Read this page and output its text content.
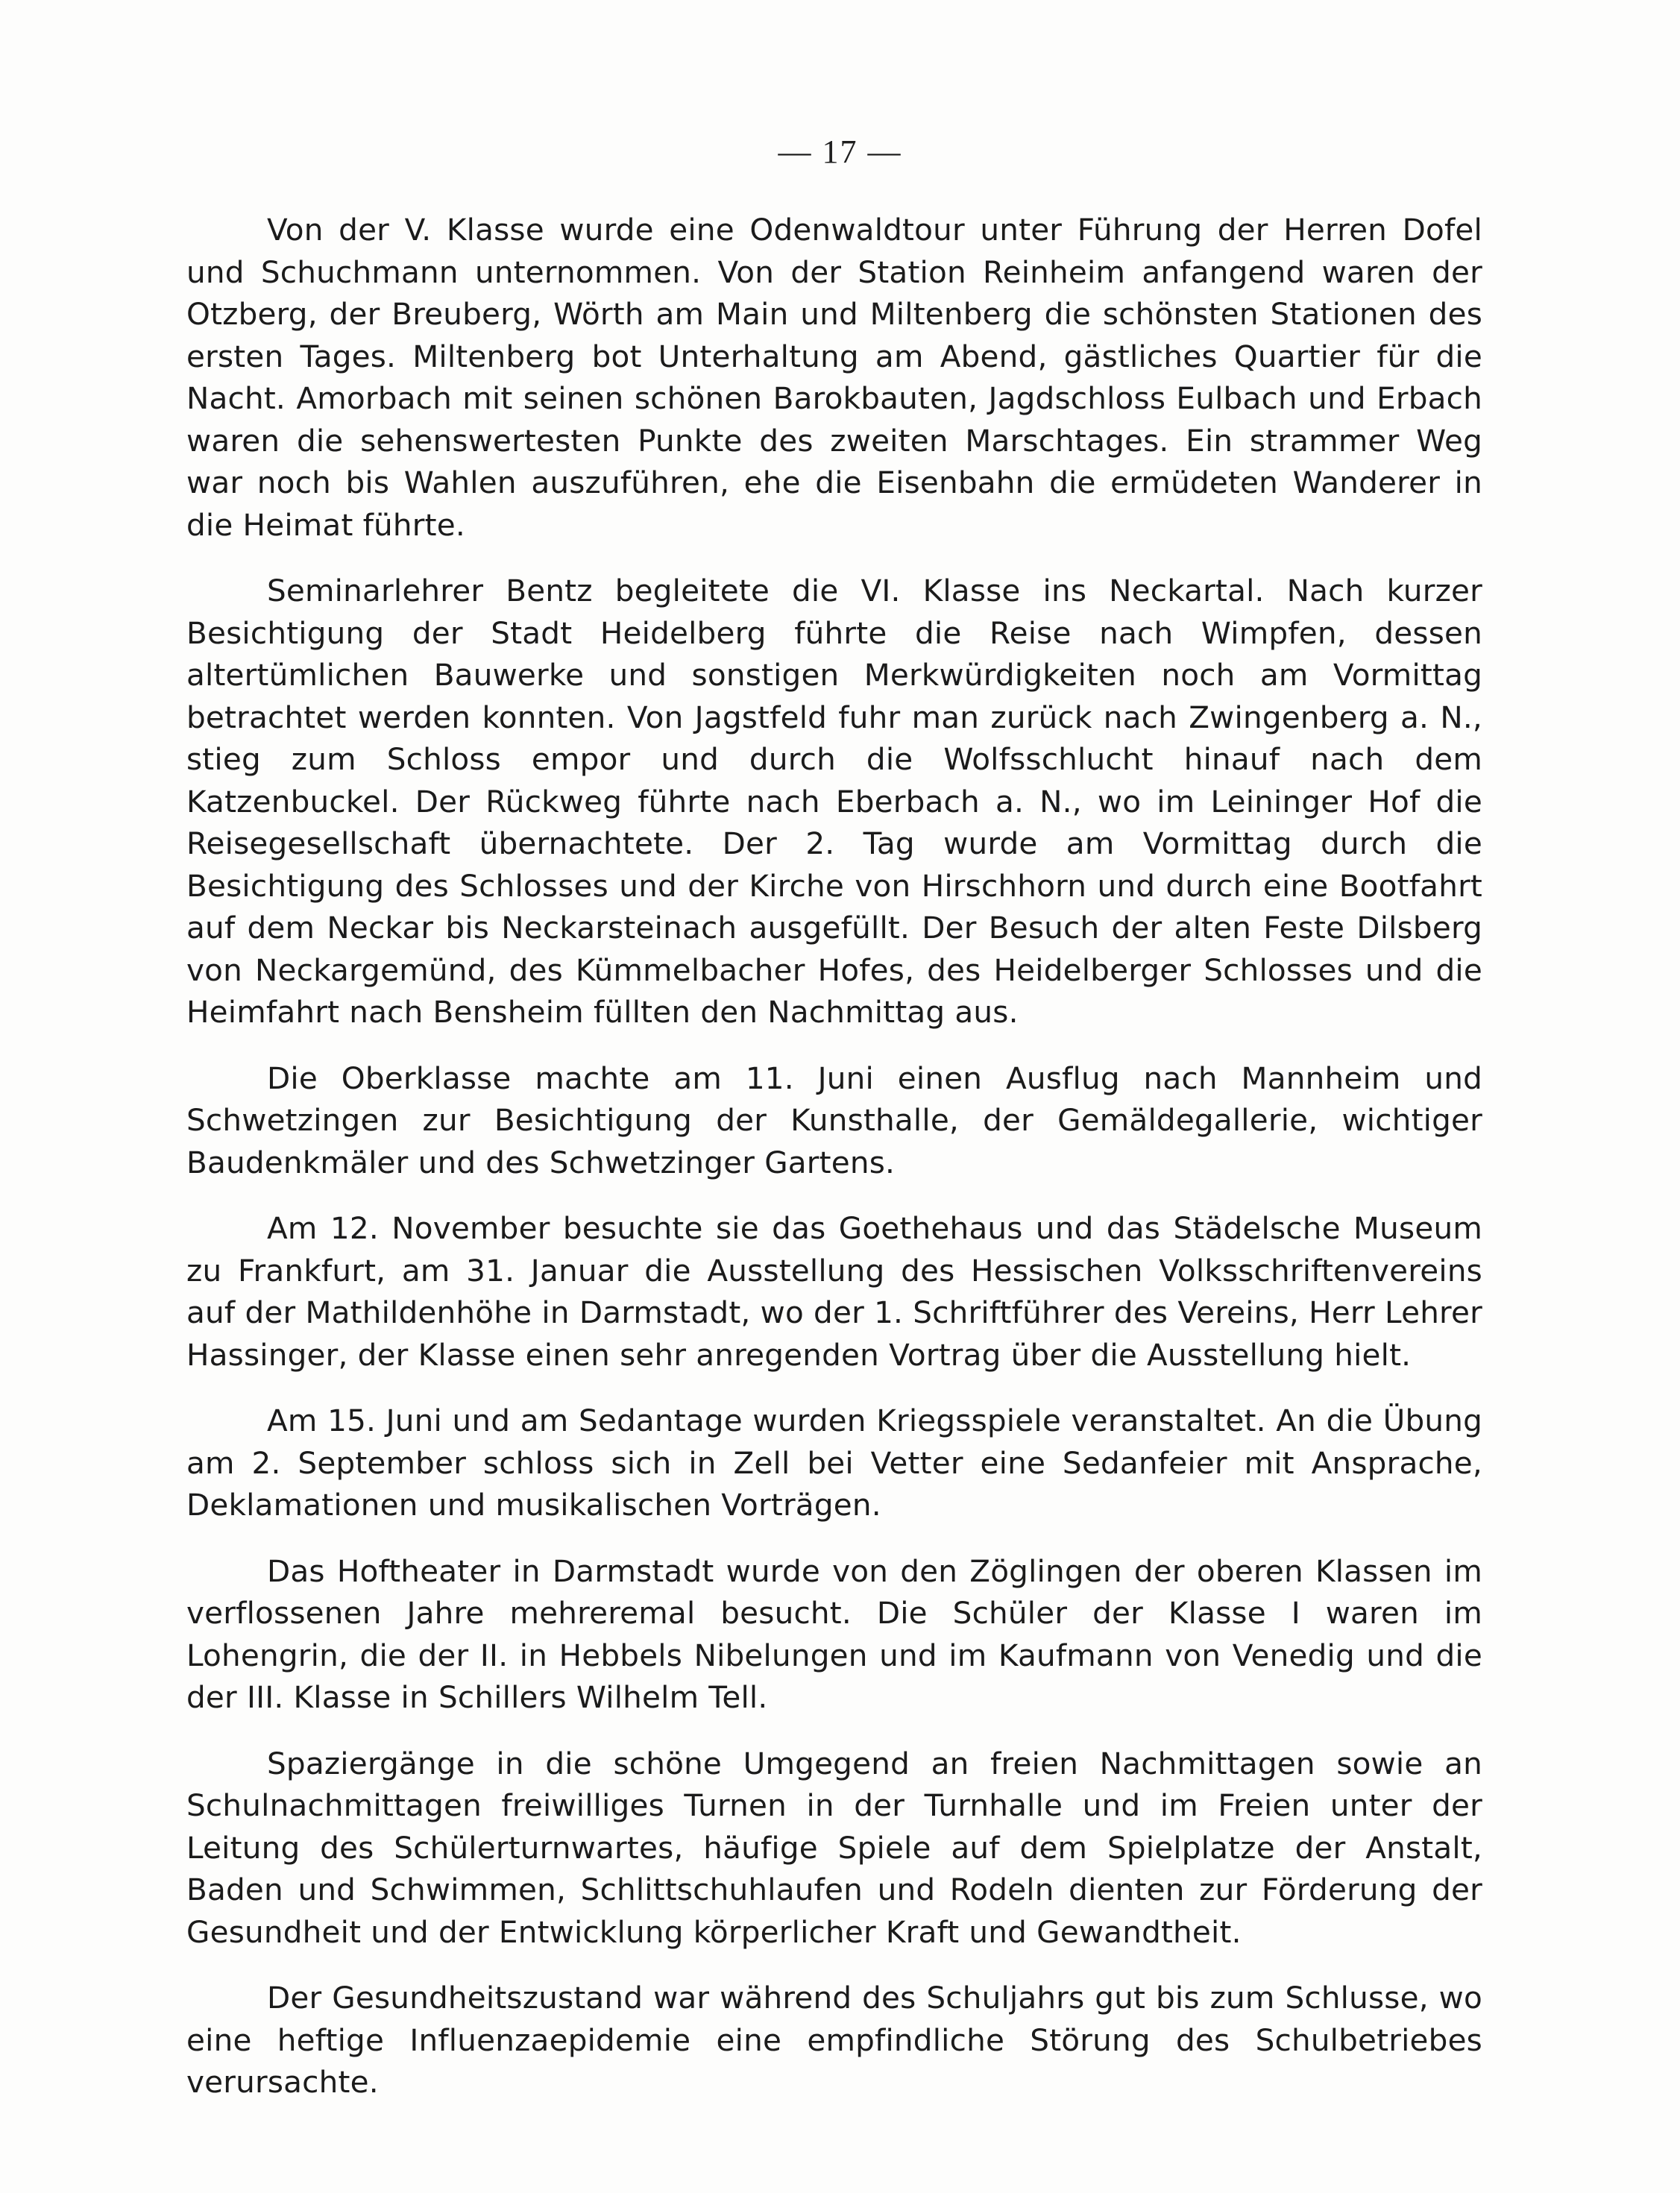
— 17 —

Von der V. Klasse wurde eine Odenwaldtour unter Führung der Herren Dofel und Schuchmann unternommen. Von der Station Reinheim anfangend waren der Otzberg, der Breuberg, Wörth am Main und Miltenberg die schönsten Stationen des ersten Tages. Miltenberg bot Unterhaltung am Abend, gästliches Quartier für die Nacht. Amorbach mit seinen schönen Barokbauten, Jagdschloss Eulbach und Erbach waren die sehenswertesten Punkte des zweiten Marschtages. Ein strammer Weg war noch bis Wahlen auszuführen, ehe die Eisenbahn die ermüdeten Wanderer in die Heimat führte.

Seminarlehrer Bentz begleitete die VI. Klasse ins Neckartal. Nach kurzer Besichtigung der Stadt Heidelberg führte die Reise nach Wimpfen, dessen altertümlichen Bauwerke und sonstigen Merkwürdigkeiten noch am Vormittag betrachtet werden konnten. Von Jagstfeld fuhr man zurück nach Zwingenberg a. N., stieg zum Schloss empor und durch die Wolfsschlucht hinauf nach dem Katzenbuckel. Der Rückweg führte nach Eberbach a. N., wo im Leininger Hof die Reisegesellschaft übernachtete. Der 2. Tag wurde am Vormittag durch die Besichtigung des Schlosses und der Kirche von Hirschhorn und durch eine Bootfahrt auf dem Neckar bis Neckarsteinach ausgefüllt. Der Besuch der alten Feste Dilsberg von Neckargemünd, des Kümmelbacher Hofes, des Heidelberger Schlosses und die Heimfahrt nach Bensheim füllten den Nachmittag aus.

Die Oberklasse machte am 11. Juni einen Ausflug nach Mannheim und Schwetzingen zur Besichtigung der Kunsthalle, der Gemäldegallerie, wichtiger Baudenkmäler und des Schwetzinger Gartens.

Am 12. November besuchte sie das Goethehaus und das Städelsche Museum zu Frankfurt, am 31. Januar die Ausstellung des Hessischen Volksschriftenvereins auf der Mathildenhöhe in Darmstadt, wo der 1. Schriftführer des Vereins, Herr Lehrer Hassinger, der Klasse einen sehr anregenden Vortrag über die Ausstellung hielt.

Am 15. Juni und am Sedantage wurden Kriegsspiele veranstaltet. An die Übung am 2. September schloss sich in Zell bei Vetter eine Sedanfeier mit Ansprache, Deklamationen und musikalischen Vorträgen.

Das Hoftheater in Darmstadt wurde von den Zöglingen der oberen Klassen im verflossenen Jahre mehreremal besucht. Die Schüler der Klasse I waren im Lohengrin, die der II. in Hebbels Nibelungen und im Kaufmann von Venedig und die der III. Klasse in Schillers Wilhelm Tell.

Spaziergänge in die schöne Umgegend an freien Nachmittagen sowie an Schulnachmittagen freiwilliges Turnen in der Turnhalle und im Freien unter der Leitung des Schülerturnwartes, häufige Spiele auf dem Spielplatze der Anstalt, Baden und Schwimmen, Schlittschuhlaufen und Rodeln dienten zur Förderung der Gesundheit und der Entwicklung körperlicher Kraft und Gewandtheit.

Der Gesundheitszustand war während des Schuljahrs gut bis zum Schlusse, wo eine heftige Influenzaepidemie eine empfindliche Störung des Schulbetriebes verursachte.
